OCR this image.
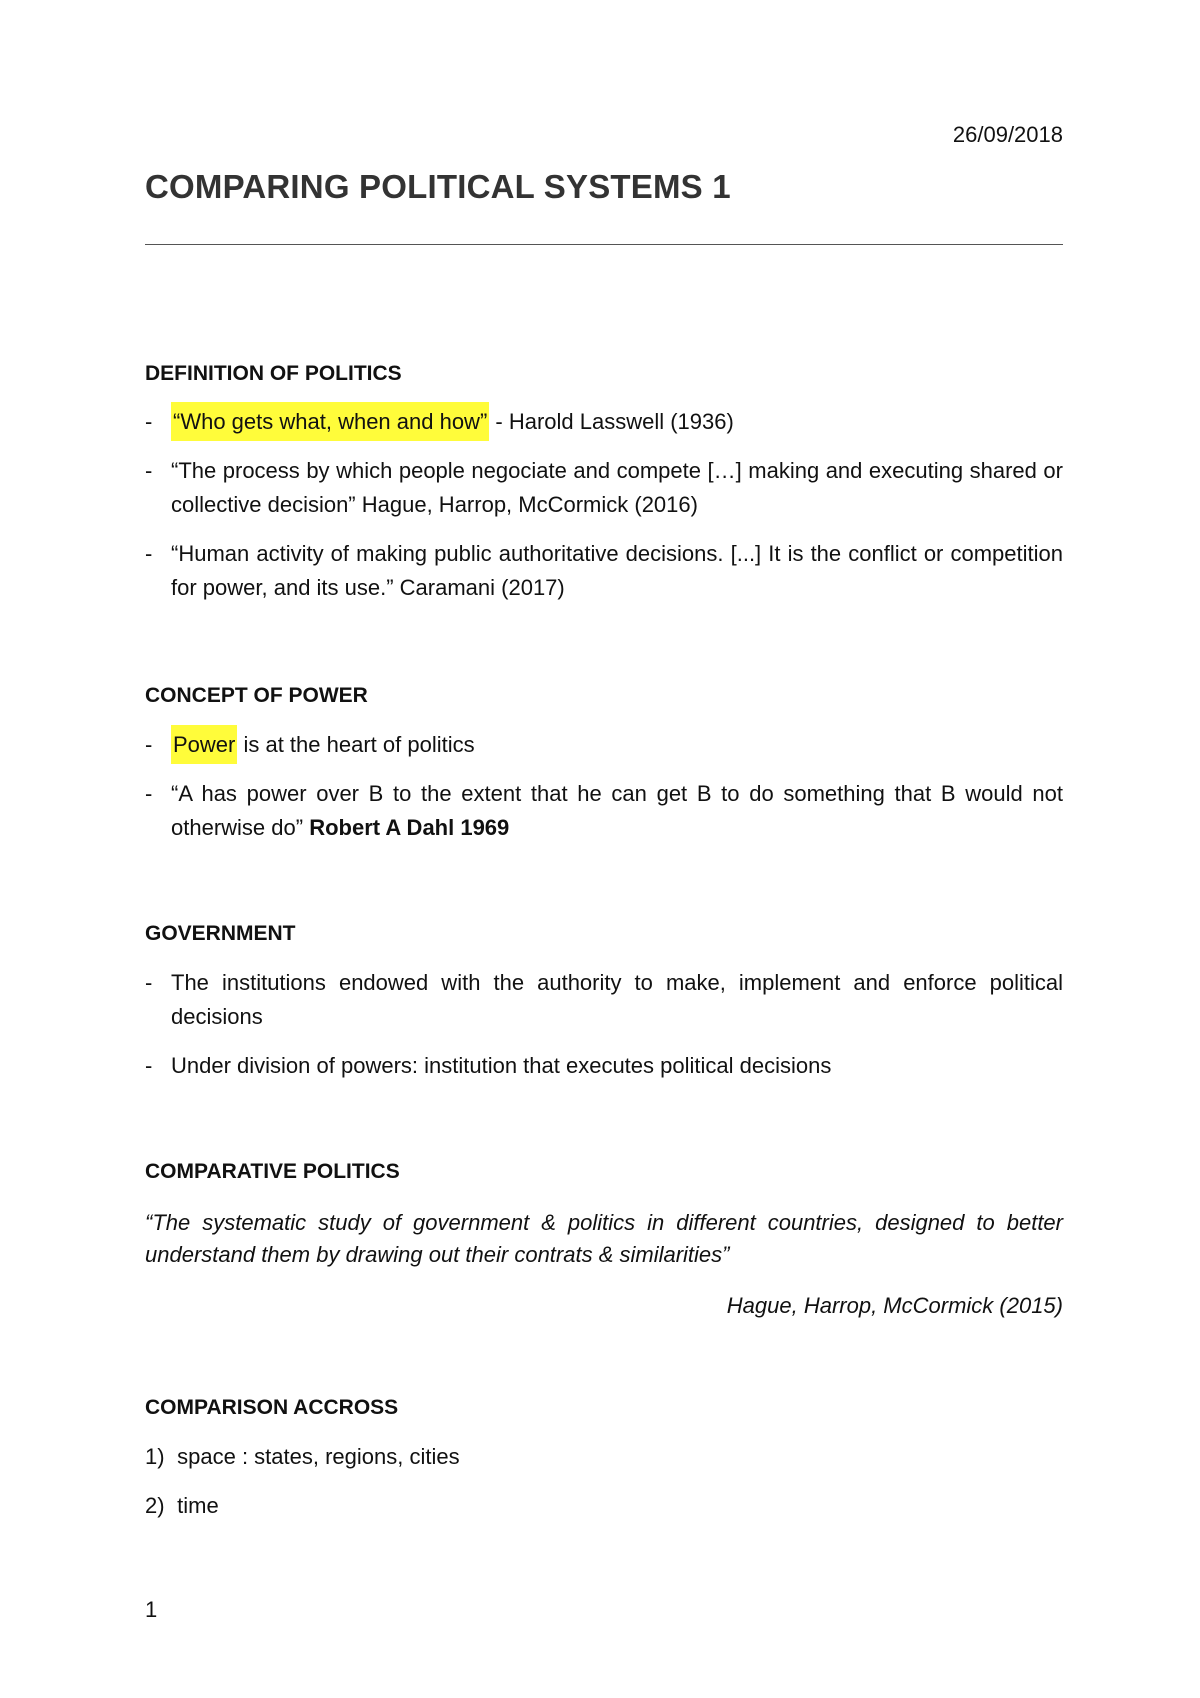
26/09/2018
COMPARING POLITICAL SYSTEMS 1
DEFINITION OF POLITICS
- “Who gets what, when and how” - Harold Lasswell (1936)
- “The process by which people negociate and compete […] making and executing shared or collective decision” Hague, Harrop, McCormick (2016)
- “Human activity of making public authoritative decisions. [...] It is the conflict or competition for power, and its use.” Caramani (2017)
CONCEPT OF POWER
- Power is at the heart of politics
- “A has power over B to the extent that he can get B to do something that B would not otherwise do” Robert A Dahl 1969
GOVERNMENT
- The institutions endowed with the authority to make, implement and enforce political decisions
- Under division of powers: institution that executes political decisions
COMPARATIVE POLITICS
“The systematic study of government & politics in different countries, designed to better understand them by drawing out their contrats & similarities”
Hague, Harrop, McCormick (2015)
COMPARISON ACCROSS
1) space : states, regions, cities
2) time
1
